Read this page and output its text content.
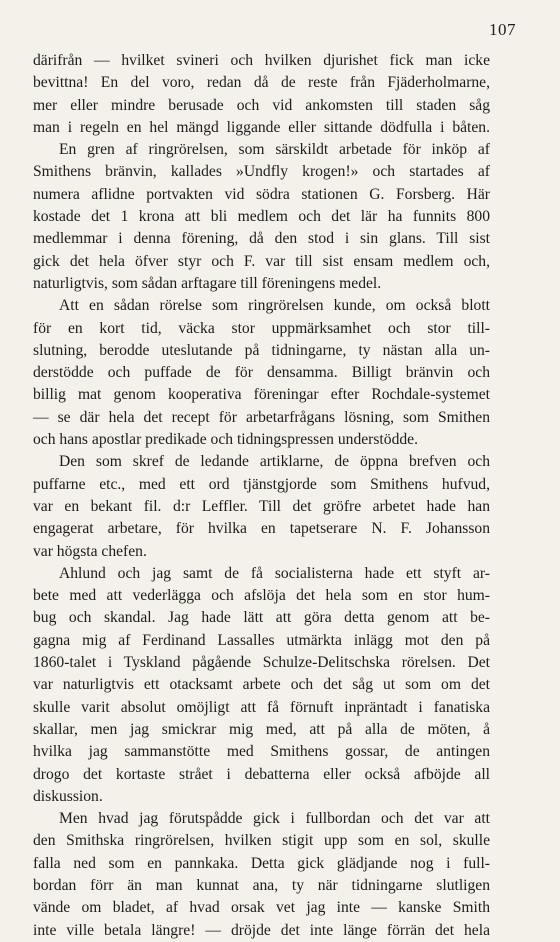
107
därifrån — hvilket svineri och hvilken djurishet fick man icke
bevittna! En del voro, redan då de reste från Fjäderholmarne,
mer eller mindre berusade och vid ankomsten till staden såg
man i regeln en hel mängd liggande eller sittande dödfulla i båten.
En gren af ringrörelsen, som särskildt arbetade för inköp af
Smithens bränvin, kallades »Undfly krogen!» och startades af
numera aflidne portvakten vid södra stationen G. Forsberg. Här
kostade det 1 krona att bli medlem och det lär ha funnits 800
medlemmar i denna förening, då den stod i sin glans. Till sist
gick det hela öfver styr och F. var till sist ensam medlem och,
naturligtvis, som sådan arftagare till föreningens medel.
Att en sådan rörelse som ringrörelsen kunde, om också blott
för en kort tid, väcka stor uppmärksamhet och stor till-
slutning, berodde uteslutande på tidningarne, ty nästan alla un-
derstödde och puffade de för densamma. Billigt bränvin och
billig mat genom kooperativa föreningar efter Rochdale-systemet
— se där hela det recept för arbetarfrågans lösning, som Smithen
och hans apostlar predikade och tidningspressen understödde.
Den som skref de ledande artiklarne, de öppna brefven och
puffarne etc., med ett ord tjänstgjorde som Smithens hufvud,
var en bekant fil. d:r Leffler. Till det gröfre arbetet hade han
engagerat arbetare, för hvilka en tapetserare N. F. Johansson
var högsta chefen.
Ahlund och jag samt de få socialisterna hade ett styft ar-
bete med att vederlägga och afslöja det hela som en stor hum-
bug och skandal. Jag hade lätt att göra detta genom att be-
gagna mig af Ferdinand Lassalles utmärkta inlägg mot den på
1860-talet i Tyskland pågående Schulze-Delitschska rörelsen. Det
var naturligtvis ett otacksamt arbete och det såg ut som om det
skulle varit absolut omöjligt att få förnuft inpräntadt i fanatiska
skallar, men jag smickrar mig med, att på alla de möten, å
hvilka jag sammanstötte med Smithens gossar, de antingen
drogo det kortaste strået i debatterna eller också afböjde all
diskussion.
Men hvad jag förutspådde gick i fullbordan och det var att
den Smithska ringrörelsen, hvilken stigit upp som en sol, skulle
falla ned som en pannkaka. Detta gick glädjande nog i full-
bordan förr än man kunnat ana, ty när tidningarne slutligen
vände om bladet, af hvad orsak vet jag inte — kanske Smith
inte ville betala längre! — dröjde det inte länge förrän det hela
